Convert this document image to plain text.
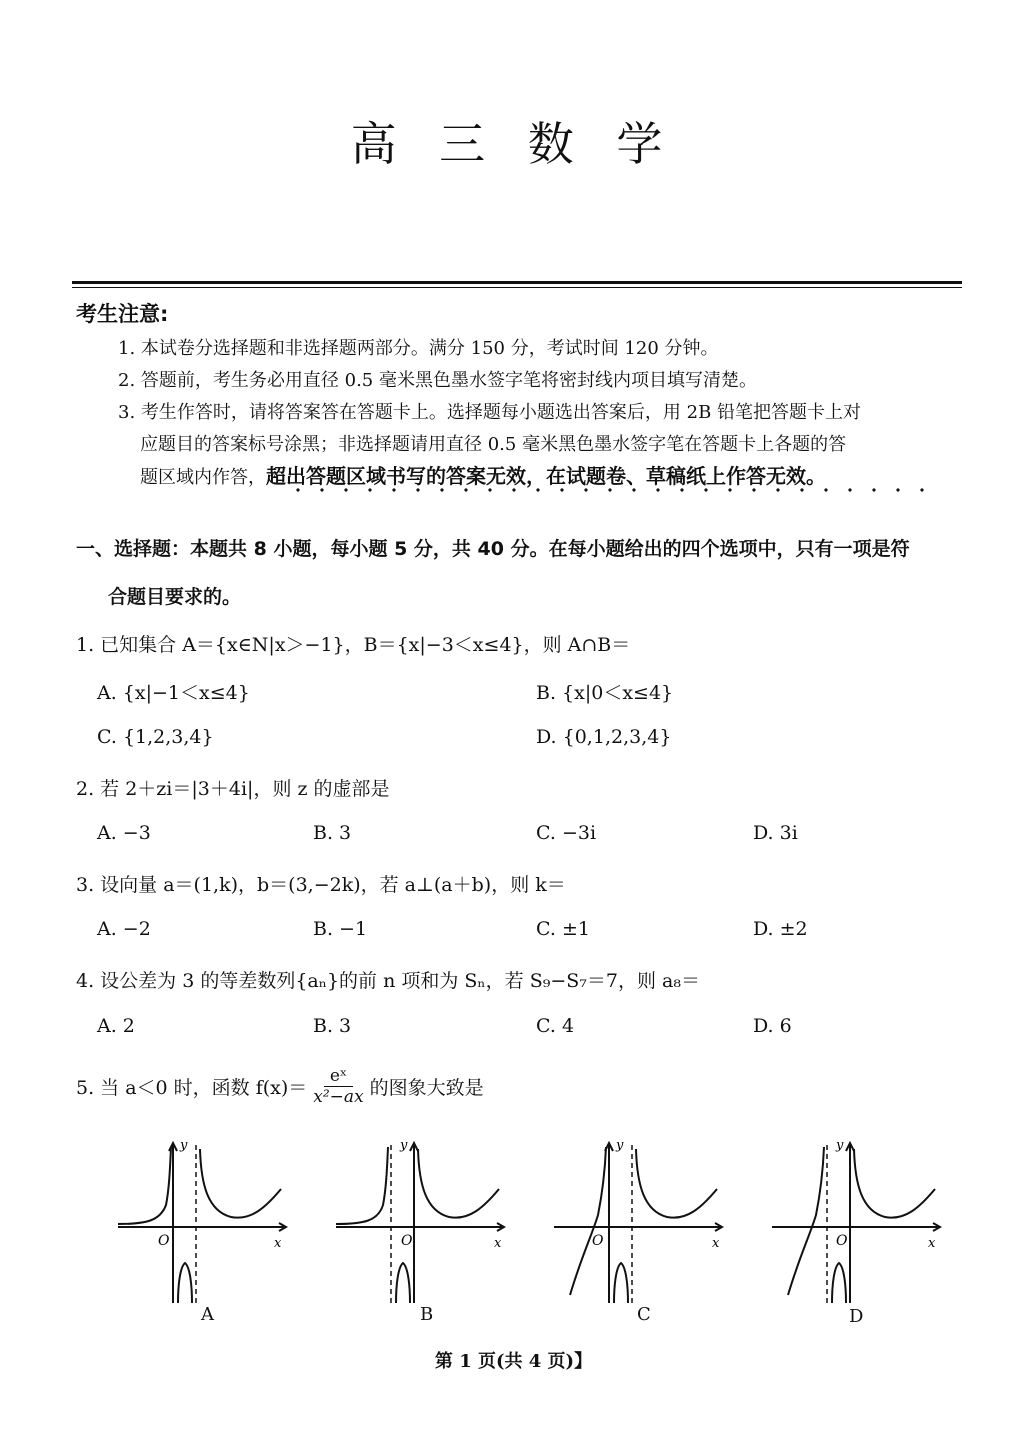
高 三 数 学
考生注意:
1. 本试卷分选择题和非选择题两部分。满分 150 分，考试时间 120 分钟。
2. 答题前，考生务必用直径 0.5 毫米黑色墨水签字笔将密封线内项目填写清楚。
3. 考生作答时，请将答案答在答题卡上。选择题每小题选出答案后，用 2B 铅笔把答题卡上对
应题目的答案标号涂黑；非选择题请用直径 0.5 毫米黑色墨水签字笔在答题卡上各题的答
题区域内作答，超出答题区域书写的答案无效，在试题卷、草稿纸上作答无效。
一、选择题：本题共 8 小题，每小题 5 分，共 40 分。在每小题给出的四个选项中，只有一项是符
合题目要求的。
1. 已知集合 A＝{x∈N|x＞−1}，B＝{x|−3＜x≤4}，则 A∩B＝
A. {x|−1＜x≤4}	B. {x|0＜x≤4}
C. {1,2,3,4}	D. {0,1,2,3,4}
2. 若 2＋zi＝|3＋4i|，则 z 的虚部是
A. −3	B. 3	C. −3i	D. 3i
3. 设向量 a＝(1,k)，b＝(3,−2k)，若 a⊥(a＋b)，则 k＝
A. −2	B. −1	C. ±1	D. ±2
4. 设公差为 3 的等差数列{aₙ}的前 n 项和为 Sₙ，若 S₉−S₇＝7，则 a₈＝
A. 2	B. 3	C. 4	D. 6
5. 当 a＜0 时，函数 $f(x)= \frac{\text{eˣ}}{\text{x²−ax}}$ 的图象大致是
y
x
O
A
y
x
O
B
y
x
O
C
y
x
O
D
第 1 页(共 4 页)】
